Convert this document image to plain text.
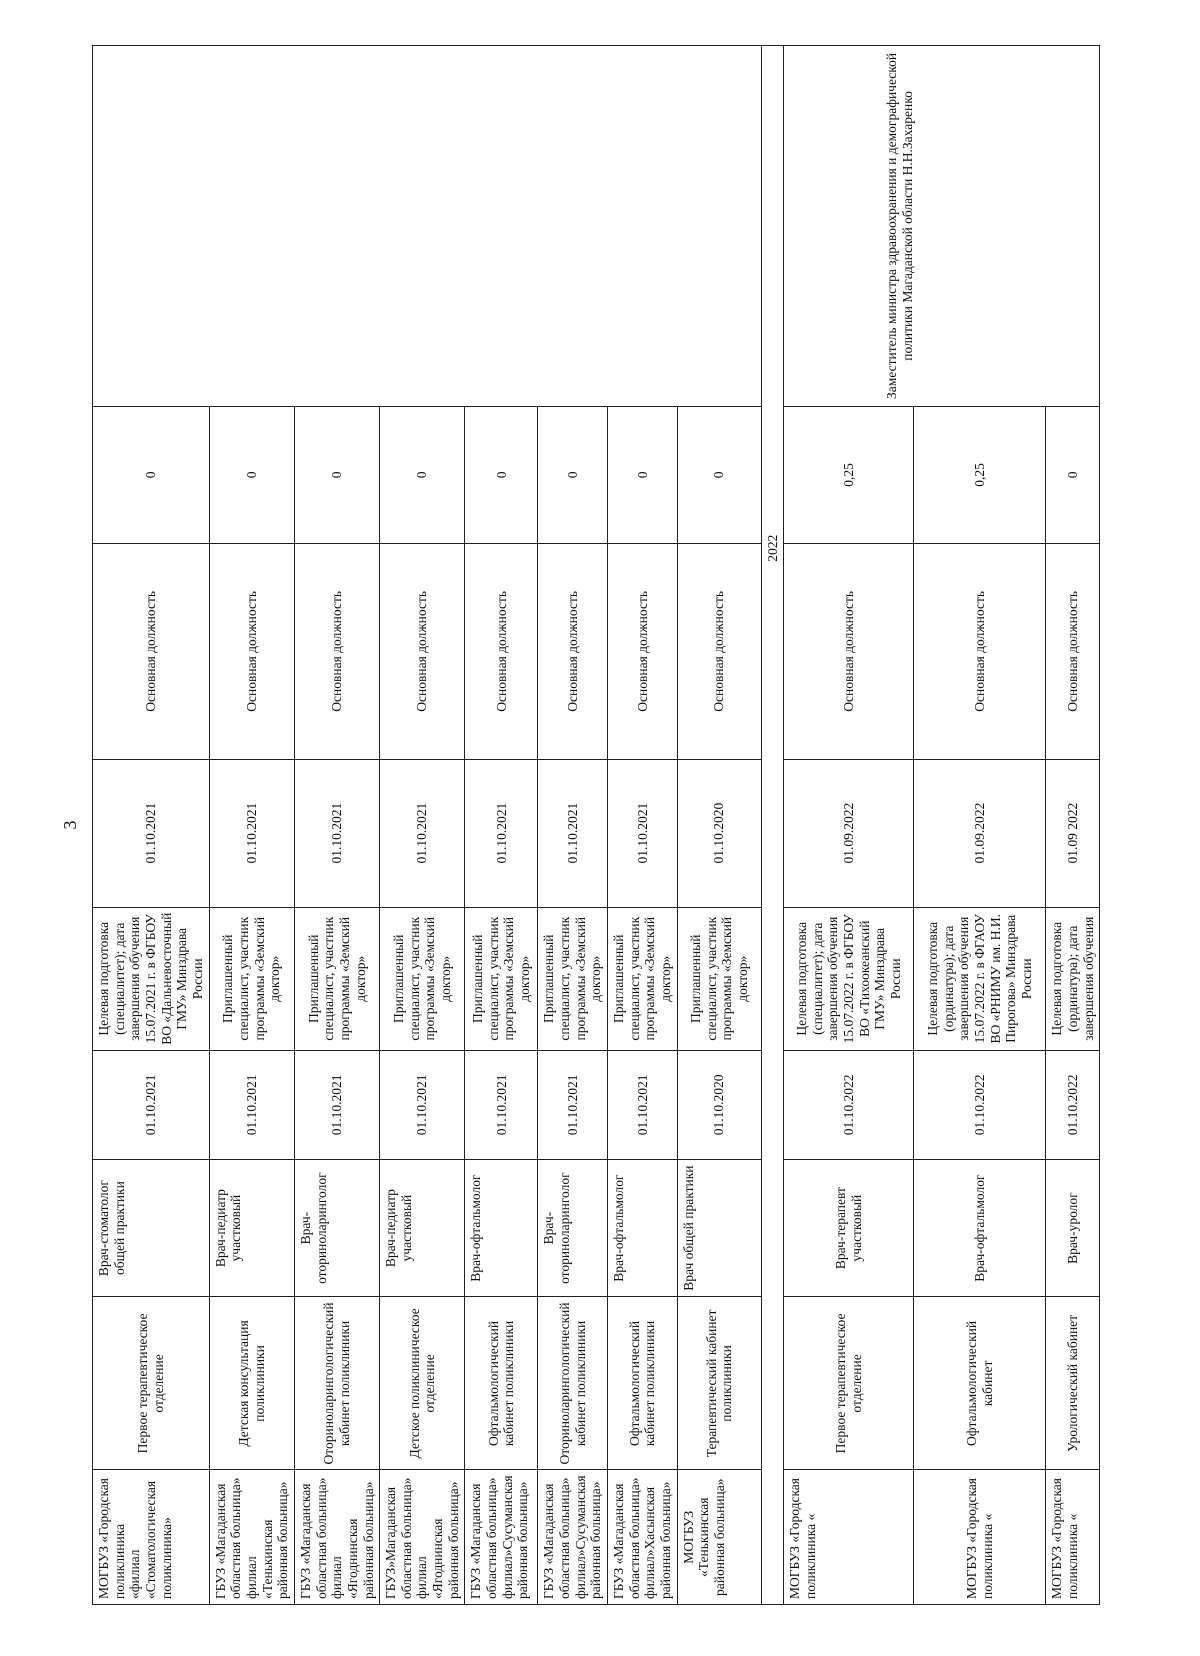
3
МОГБУЗ «Городская поликлиника «филиал «Стоматологическая поликлиника»	Первое терапевтическое отделение	Врач-стоматолог общей практики	01.10.2021	Целевая подготовка (специалитет); дата завершения обучения 15.07.2021 г. в ФГБОУ ВО «Дальневосточный ГМУ» Минздрава России	01.10.2021	Основная должность	0	
ГБУЗ «Магаданская областная больница» филиал «Тенькинская районная больница»	Детская консультация поликлиники	Врач-педиатр участковый	01.10.2021	Приглашенный специалист, участник программы «Земский доктор»	01.10.2021	Основная должность	0	
ГБУЗ «Магаданская областная больница» филиал «Ягоднинская районная больница»	Оториноларингологический кабинет поликлиники	Врач-оториноларинголог	01.10.2021	Приглашенный специалист, участник программы «Земский доктор»	01.10.2021	Основная должность	0	
ГБУЗ»Магаданская областная больница» филиал «Ягоднинская районная больница»	Детское поликлиническое отделение	Врач-педиатр участковый	01.10.2021	Приглашенный специалист, участник программы «Земский доктор»	01.10.2021	Основная должность	0	
ГБУЗ «Магаданская областная больница» филиал»Сусуманская районная больница»	Офтальмологический кабинет поликлиники	Врач-офтальмолог	01.10.2021	Приглашенный специалист, участник программы «Земский доктор»	01.10.2021	Основная должность	0	
ГБУЗ «Магаданская областная больница» филиал»Сусуманская районная больница»	Оториноларингологический кабинет поликлиники	Врач-оториноларинголог	01.10.2021	Приглашенный специалист, участник программы «Земский доктор»	01.10.2021	Основная должность	0	
ГБУЗ «Магаданская областная больница» филиал»Хасынская районная больница»	Офтальмологический кабинет поликлиники	Врач-офтальмолог	01.10.2021	Приглашенный специалист, участник программы «Земский доктор»	01.10.2021	Основная должность	0	
МОГБУЗ «Тенькинская районная больница»	Терапевтический кабинет поликлиники	Врач общей практики	01.10.2020	Приглашенный специалист, участник программы «Земский доктор»	01.10.2020	Основная должность	0	
				2022				
МОГБУЗ «Городская поликлиника «	Первое терапевтическое отделение	Врач-терапевт участковый	01.10.2022	Целевая подготовка (специалитет); дата завершения обучения 15.07.2022 г. в ФГБОУ ВО «Тихоокеанский ГМУ» Минздрава России	01.09.2022	Основная должность	0,25	Заместитель министра здравоохранения и демографической политики Магаданской области Н.Н.Захаренко
МОГБУЗ «Городская поликлиника «	Офтальмологический кабинет	Врач-офтальмолог	01.10.2022	Целевая подготовка (ординатура); дата завершения обучения 15.07.2022 г. в ФГАОУ ВО «РНИМУ им. Н.И. Пирогова» Минздрава России	01.09.2022	Основная должность	0,25	
МОГБУЗ «Городская поликлиника «	Урологический кабинет	Врач-уролог	01.10.2022	Целевая подготовка (ординатура); дата завершения обучения	01.09 2022	Основная должность	0	
